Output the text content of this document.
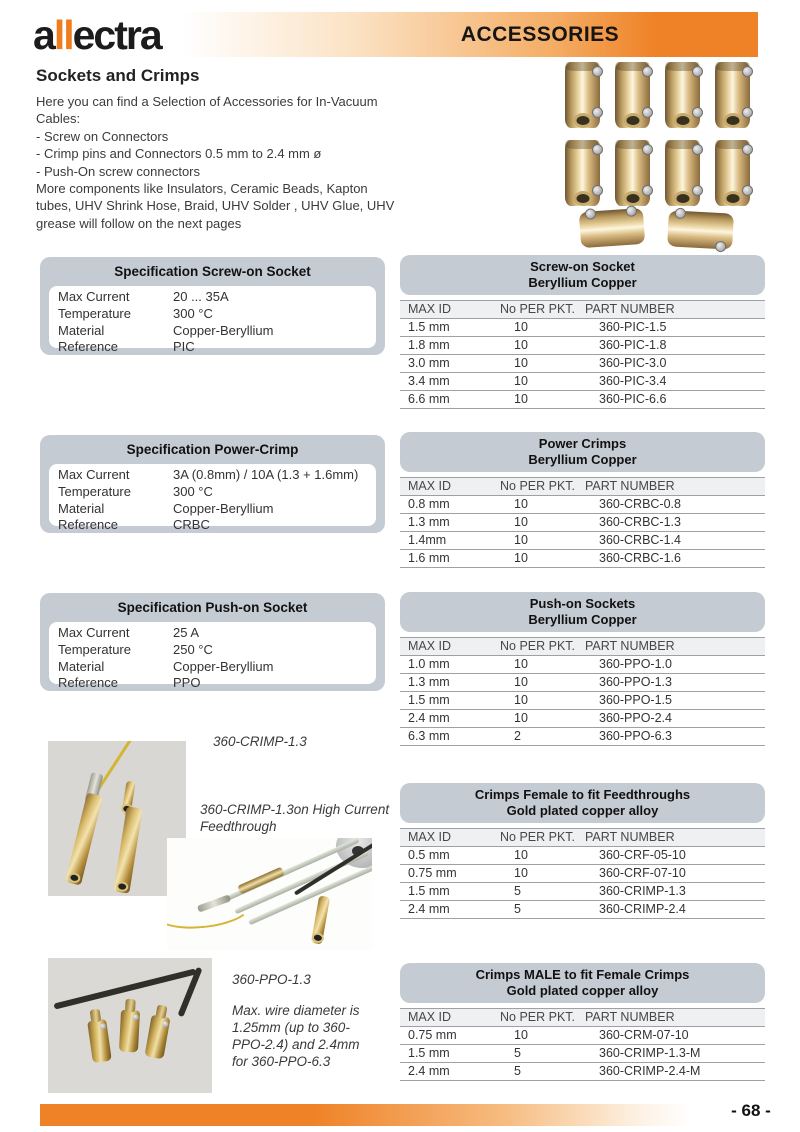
allectra	ACCESSORIES
Sockets and Crimps
Here you can find a Selection of Accessories for In-Vacuum
Cables:
- Screw on Connectors
- Crimp pins and Connectors 0.5 mm to 2.4 mm ø
- Push-On screw connectors
More components like Insulators, Ceramic Beads, Kapton
tubes, UHV Shrink Hose, Braid, UHV Solder , UHV Glue, UHV
grease will follow on the next pages
Specification Screw-on Socket
Max Current	20 ... 35A
Temperature	300 °C
Material	Copper-Beryllium
Reference	PIC
Specification Power-Crimp
Max Current	3A (0.8mm) / 10A (1.3 + 1.6mm)
Temperature	300 °C
Material	Copper-Beryllium
Reference	CRBC
Specification Push-on Socket
Max Current	25 A
Temperature	250 °C
Material	Copper-Beryllium
Reference	PPO
Screw-on Socket
Beryllium Copper
MAX ID	No PER PKT. PART NUMBER
1.5 mm	10	360-PIC-1.5
1.8 mm	10	360-PIC-1.8
3.0 mm	10	360-PIC-3.0
3.4 mm	10	360-PIC-3.4
6.6 mm	10	360-PIC-6.6
Power Crimps
Beryllium Copper
MAX ID	No PER PKT. PART NUMBER
0.8 mm	10	360-CRBC-0.8
1.3 mm	10	360-CRBC-1.3
1.4mm	10	360-CRBC-1.4
1.6 mm	10	360-CRBC-1.6
Push-on Sockets
Beryllium Copper
MAX ID	No PER PKT. PART NUMBER
1.0 mm	10	360-PPO-1.0
1.3 mm	10	360-PPO-1.3
1.5 mm	10	360-PPO-1.5
2.4 mm	10	360-PPO-2.4
6.3 mm	2	360-PPO-6.3
Crimps Female to fit Feedthroughs
Gold plated copper alloy
MAX ID	No PER PKT. PART NUMBER
0.5 mm	10	360-CRF-05-10
0.75 mm	10	360-CRF-07-10
1.5 mm	5	360-CRIMP-1.3
2.4 mm	5	360-CRIMP-2.4
Crimps MALE to fit Female Crimps
Gold plated copper alloy
MAX ID	No PER PKT. PART NUMBER
0.75 mm	10	360-CRM-07-10
1.5 mm	5	360-CRIMP-1.3-M
2.4 mm	5	360-CRIMP-2.4-M
360-CRIMP-1.3
360-CRIMP-1.3on High Current
Feedthrough
360-PPO-1.3
Max. wire diameter is
1.25mm (up to 360-
PPO-2.4) and 2.4mm
for 360-PPO-6.3
- 68 -
